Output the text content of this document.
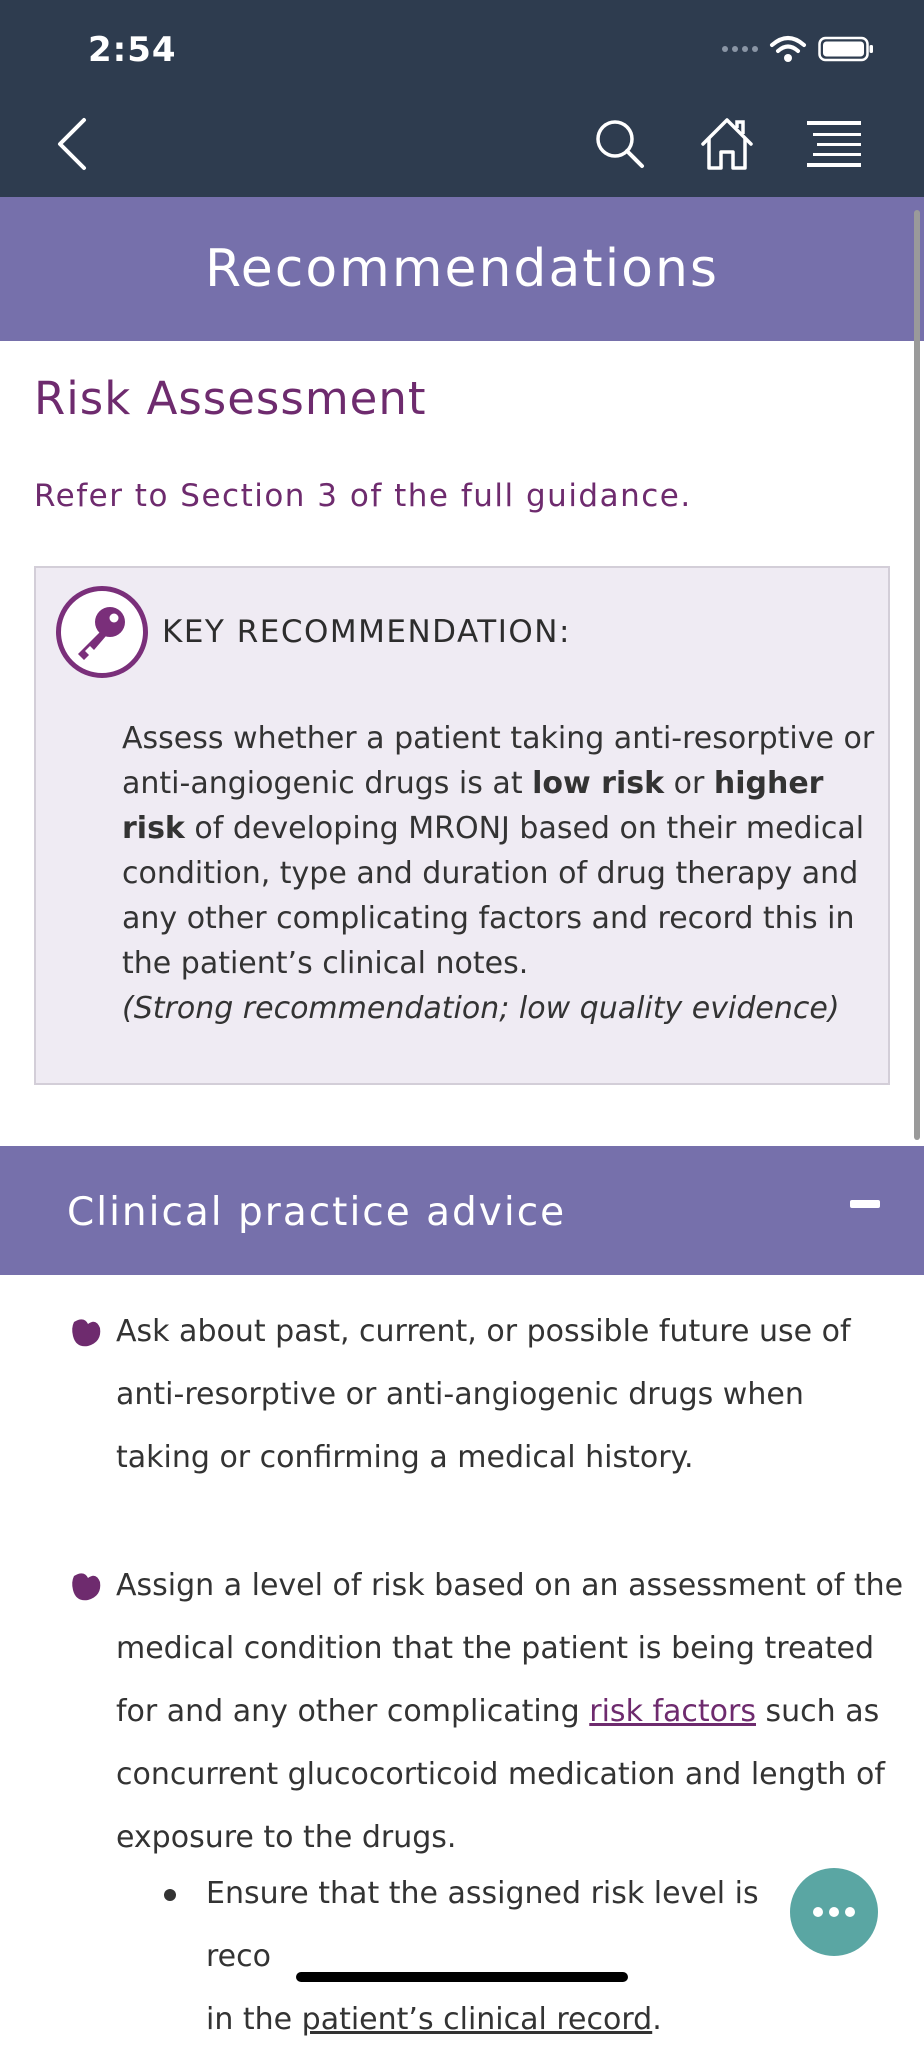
2:54
Recommendations
Risk Assessment
Refer to Section 3 of the full guidance.
KEY RECOMMENDATION:
Assess whether a patient taking anti-resorptive or anti-angiogenic drugs is at low risk or higher risk of developing MRONJ based on their medical condition, type and duration of drug therapy and any other complicating factors and record this in the patient’s clinical notes.
(Strong recommendation; low quality evidence)
Clinical practice advice
Ask about past, current, or possible future use of anti-resorptive or anti-angiogenic drugs when taking or confirming a medical history.
Assign a level of risk based on an assessment of the medical condition that the patient is being treated for and any other complicating risk factors such as concurrent glucocorticoid medication and length of exposure to the drugs.
Ensure that the assigned risk level is reco
in the patient’s clinical record.
